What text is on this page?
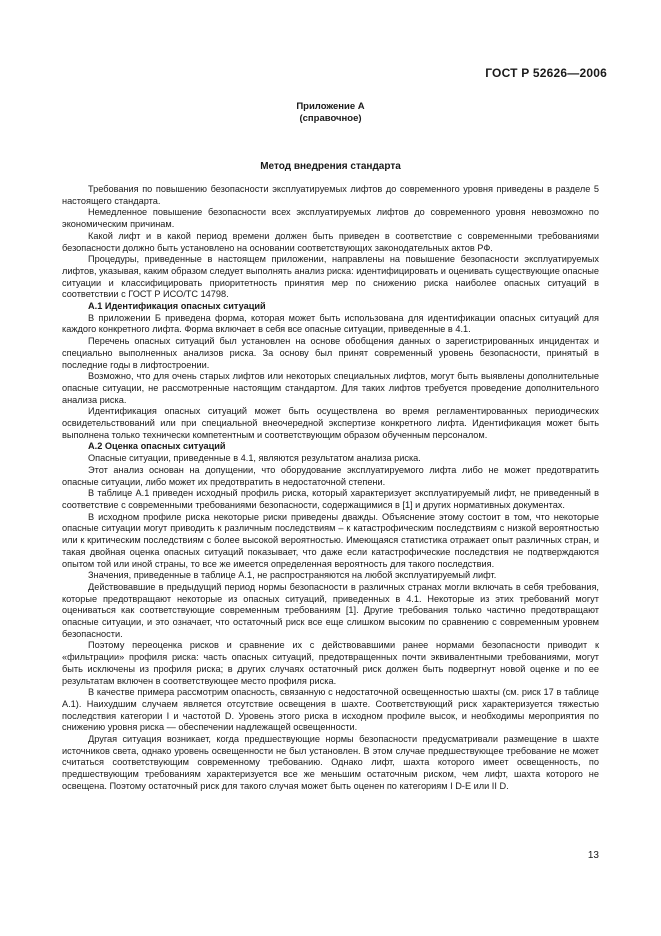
ГОСТ Р 52626—2006
Приложение А
(справочное)
Метод внедрения стандарта

Требования по повышению безопасности эксплуатируемых лифтов до современного уровня приведены в разделе 5 настоящего стандарта.

Немедленное повышение безопасности всех эксплуатируемых лифтов до современного уровня невозможно по экономическим причинам.

Какой лифт и в какой период времени должен быть приведен в соответствие с современными требованиями безопасности должно быть установлено на основании соответствующих законодательных актов РФ.

Процедуры, приведенные в настоящем приложении, направлены на повышение безопасности эксплуатируемых лифтов, указывая, каким образом следует выполнять анализ риска: идентифицировать и оценивать существующие опасные ситуации и классифицировать приоритетность принятия мер по снижению риска наиболее опасных ситуаций в соответствии с ГОСТ Р ИСО/ТС 14798.

А.1 Идентификация опасных ситуаций

В приложении Б приведена форма, которая может быть использована для идентификации опасных ситуаций для каждого конкретного лифта. Форма включает в себя все опасные ситуации, приведенные в 4.1.

Перечень опасных ситуаций был установлен на основе обобщения данных о зарегистрированных инцидентах и специально выполненных анализов риска. За основу был принят современный уровень безопасности, принятый в последние годы в лифтостроении.

Возможно, что для очень старых лифтов или некоторых специальных лифтов, могут быть выявлены дополнительные опасные ситуации, не рассмотренные настоящим стандартом. Для таких лифтов требуется проведение дополнительного анализа риска.

Идентификация опасных ситуаций может быть осуществлена во время регламентированных периодических освидетельствований или при специальной внеочередной экспертизе конкретного лифта. Идентификация может быть выполнена только технически компетентным и соответствующим образом обученным персоналом.

А.2 Оценка опасных ситуаций

Опасные ситуации, приведенные в 4.1, являются результатом анализа риска.

Этот анализ основан на допущении, что оборудование эксплуатируемого лифта либо не может предотвратить опасные ситуации, либо может их предотвратить в недостаточной степени.

В таблице А.1 приведен исходный профиль риска, который характеризует эксплуатируемый лифт, не приведенный в соответствие с современными требованиями безопасности, содержащимися в [1] и других нормативных документах.

В исходном профиле риска некоторые риски приведены дважды. Объяснение этому состоит в том, что некоторые опасные ситуации могут приводить к различным последствиям – к катастрофическим последствиям с низкой вероятностью или к критическим последствиям с более высокой вероятностью. Имеющаяся статистика отражает опыт различных стран, и такая двойная оценка опасных ситуаций показывает, что даже если катастрофические последствия не подтверждаются опытом той или иной страны, то все же имеется определенная вероятность для такого последствия.

Значения, приведенные в таблице А.1, не распространяются на любой эксплуатируемый лифт.

Действовавшие в предыдущий период нормы безопасности в различных странах могли включать в себя требования, которые предотвращают некоторые из опасных ситуаций, приведенных в 4.1. Некоторые из этих требований могут оцениваться как соответствующие современным требованиям [1]. Другие требования только частично предотвращают опасные ситуации, и это означает, что остаточный риск все еще слишком высоким по сравнению с современным уровнем безопасности.

Поэтому переоценка рисков и сравнение их с действовавшими ранее нормами безопасности приводит к «фильтрации» профиля риска: часть опасных ситуаций, предотвращенных почти эквивалентными требованиями, могут быть исключены из профиля риска; в других случаях остаточный риск должен быть подвергнут новой оценке и по ее результатам включен в соответствующее место профиля риска.

В качестве примера рассмотрим опасность, связанную с недостаточной освещенностью шахты (см. риск 17 в таблице А.1). Наихудшим случаем является отсутствие освещения в шахте. Соответствующий риск характеризуется тяжестью последствия категории I и частотой D. Уровень этого риска в исходном профиле высок, и необходимы мероприятия по снижению уровня риска — обеспечении надлежащей освещенности.

Другая ситуация возникает, когда предшествующие нормы безопасности предусматривали размещение в шахте источников света, однако уровень освещенности не был установлен. В этом случае предшествующее требование не может считаться соответствующим современному требованию. Однако лифт, шахта которого имеет освещенность, по предшествующим требованиям характеризуется все же меньшим остаточным риском, чем лифт, шахта которого не освещена. Поэтому остаточный риск для такого случая может быть оценен по категориям I D-E или II D.

13
